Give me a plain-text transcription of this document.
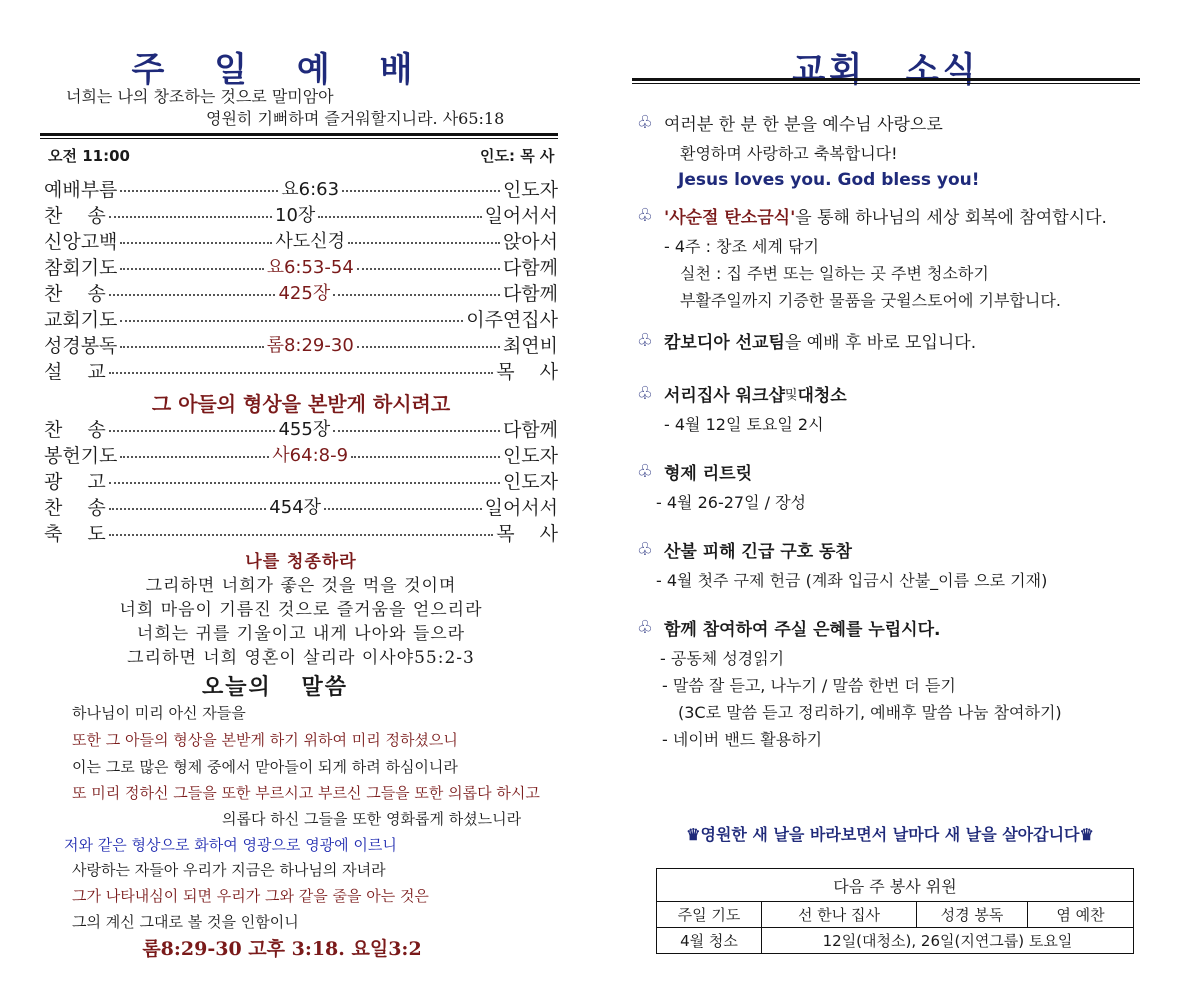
주 일 예 배
너희는 나의 창조하는 것으로 말미암아
영원히 기뻐하며 즐거워할지니라. 사65:18
오전 11:00	인도: 목 사
예배부름	요6:63	인도자
찬　 송	10장	일어서서
신앙고백	사도신경	앉아서
참회기도	요6:53-54	다함께
찬　 송	425장	다함께
교회기도	이주연집사
성경봉독	롬8:29-30	최연비
설　 교	목　 사
그 아들의 형상을 본받게 하시려고
찬　 송	455장	다함께
봉헌기도	사64:8-9	인도자
광　 고	인도자
찬　 송	454장	일어서서
축　 도	목　 사
나를 청종하라
그리하면 너희가 좋은 것을 먹을 것이며
너희 마음이 기름진 것으로 즐거움을 얻으리라
너희는 귀를 기울이고 내게 나아와 들으라
그리하면 너희 영혼이 살리라 이사야55:2-3
오늘의 말씀
하나님이 미리 아신 자들을
또한 그 아들의 형상을 본받게 하기 위하여 미리 정하셨으니
이는 그로 많은 형제 중에서 맏아들이 되게 하려 하심이니라
또 미리 정하신 그들을 또한 부르시고 부르신 그들을 또한 의롭다 하시고
의롭다 하신 그들을 또한 영화롭게 하셨느니라
저와 같은 형상으로 화하여 영광으로 영광에 이르니
사랑하는 자들아 우리가 지금은 하나님의 자녀라
그가 나타내심이 되면 우리가 그와 같을 줄을 아는 것은
그의 계신 그대로 볼 것을 인함이니
롬8:29-30 고후 3:18. 요일3:2
교회 소식
♧ 여러분 한 분 한 분을 예수님 사랑으로
환영하며 사랑하고 축복합니다!
Jesus loves you. God bless you!
♧ '사순절 탄소금식' 을 통해 하나님의 세상 회복에 참여합시다.
- 4주 : 창조 세계 닦기
실천 : 집 주변 또는 일하는 곳 주변 청소하기
부활주일까지 기증한 물품을 굿윌스토어에 기부합니다.
♧ 캄보디아 선교팀 을 예배 후 바로 모입니다.
♧ 서리집사 워크샵 및 대청소
- 4월 12일 토요일 2시
♧ 형제 리트릿
- 4월 26-27일 / 장성
♧ 산불 피해 긴급 구호 동참
- 4월 첫주 구제 헌금 (계좌 입금시 산불_이름 으로 기재)
♧ 함께 참여하여 주실 은혜를 누립시다.
- 공동체 성경읽기
- 말씀 잘 듣고, 나누기 / 말씀 한번 더 듣기
(3C로 말씀 듣고 정리하기, 예배후 말씀 나눔 참여하기)
- 네이버 밴드 활용하기
♛영원한 새 날을 바라보면서 날마다 새 날을 살아갑니다♛
다음 주 봉사 위원			
주일 기도	선 한나 집사	성경 봉독	염 예찬
4월 청소	12일(대청소), 26일(지연그룹) 토요일		
